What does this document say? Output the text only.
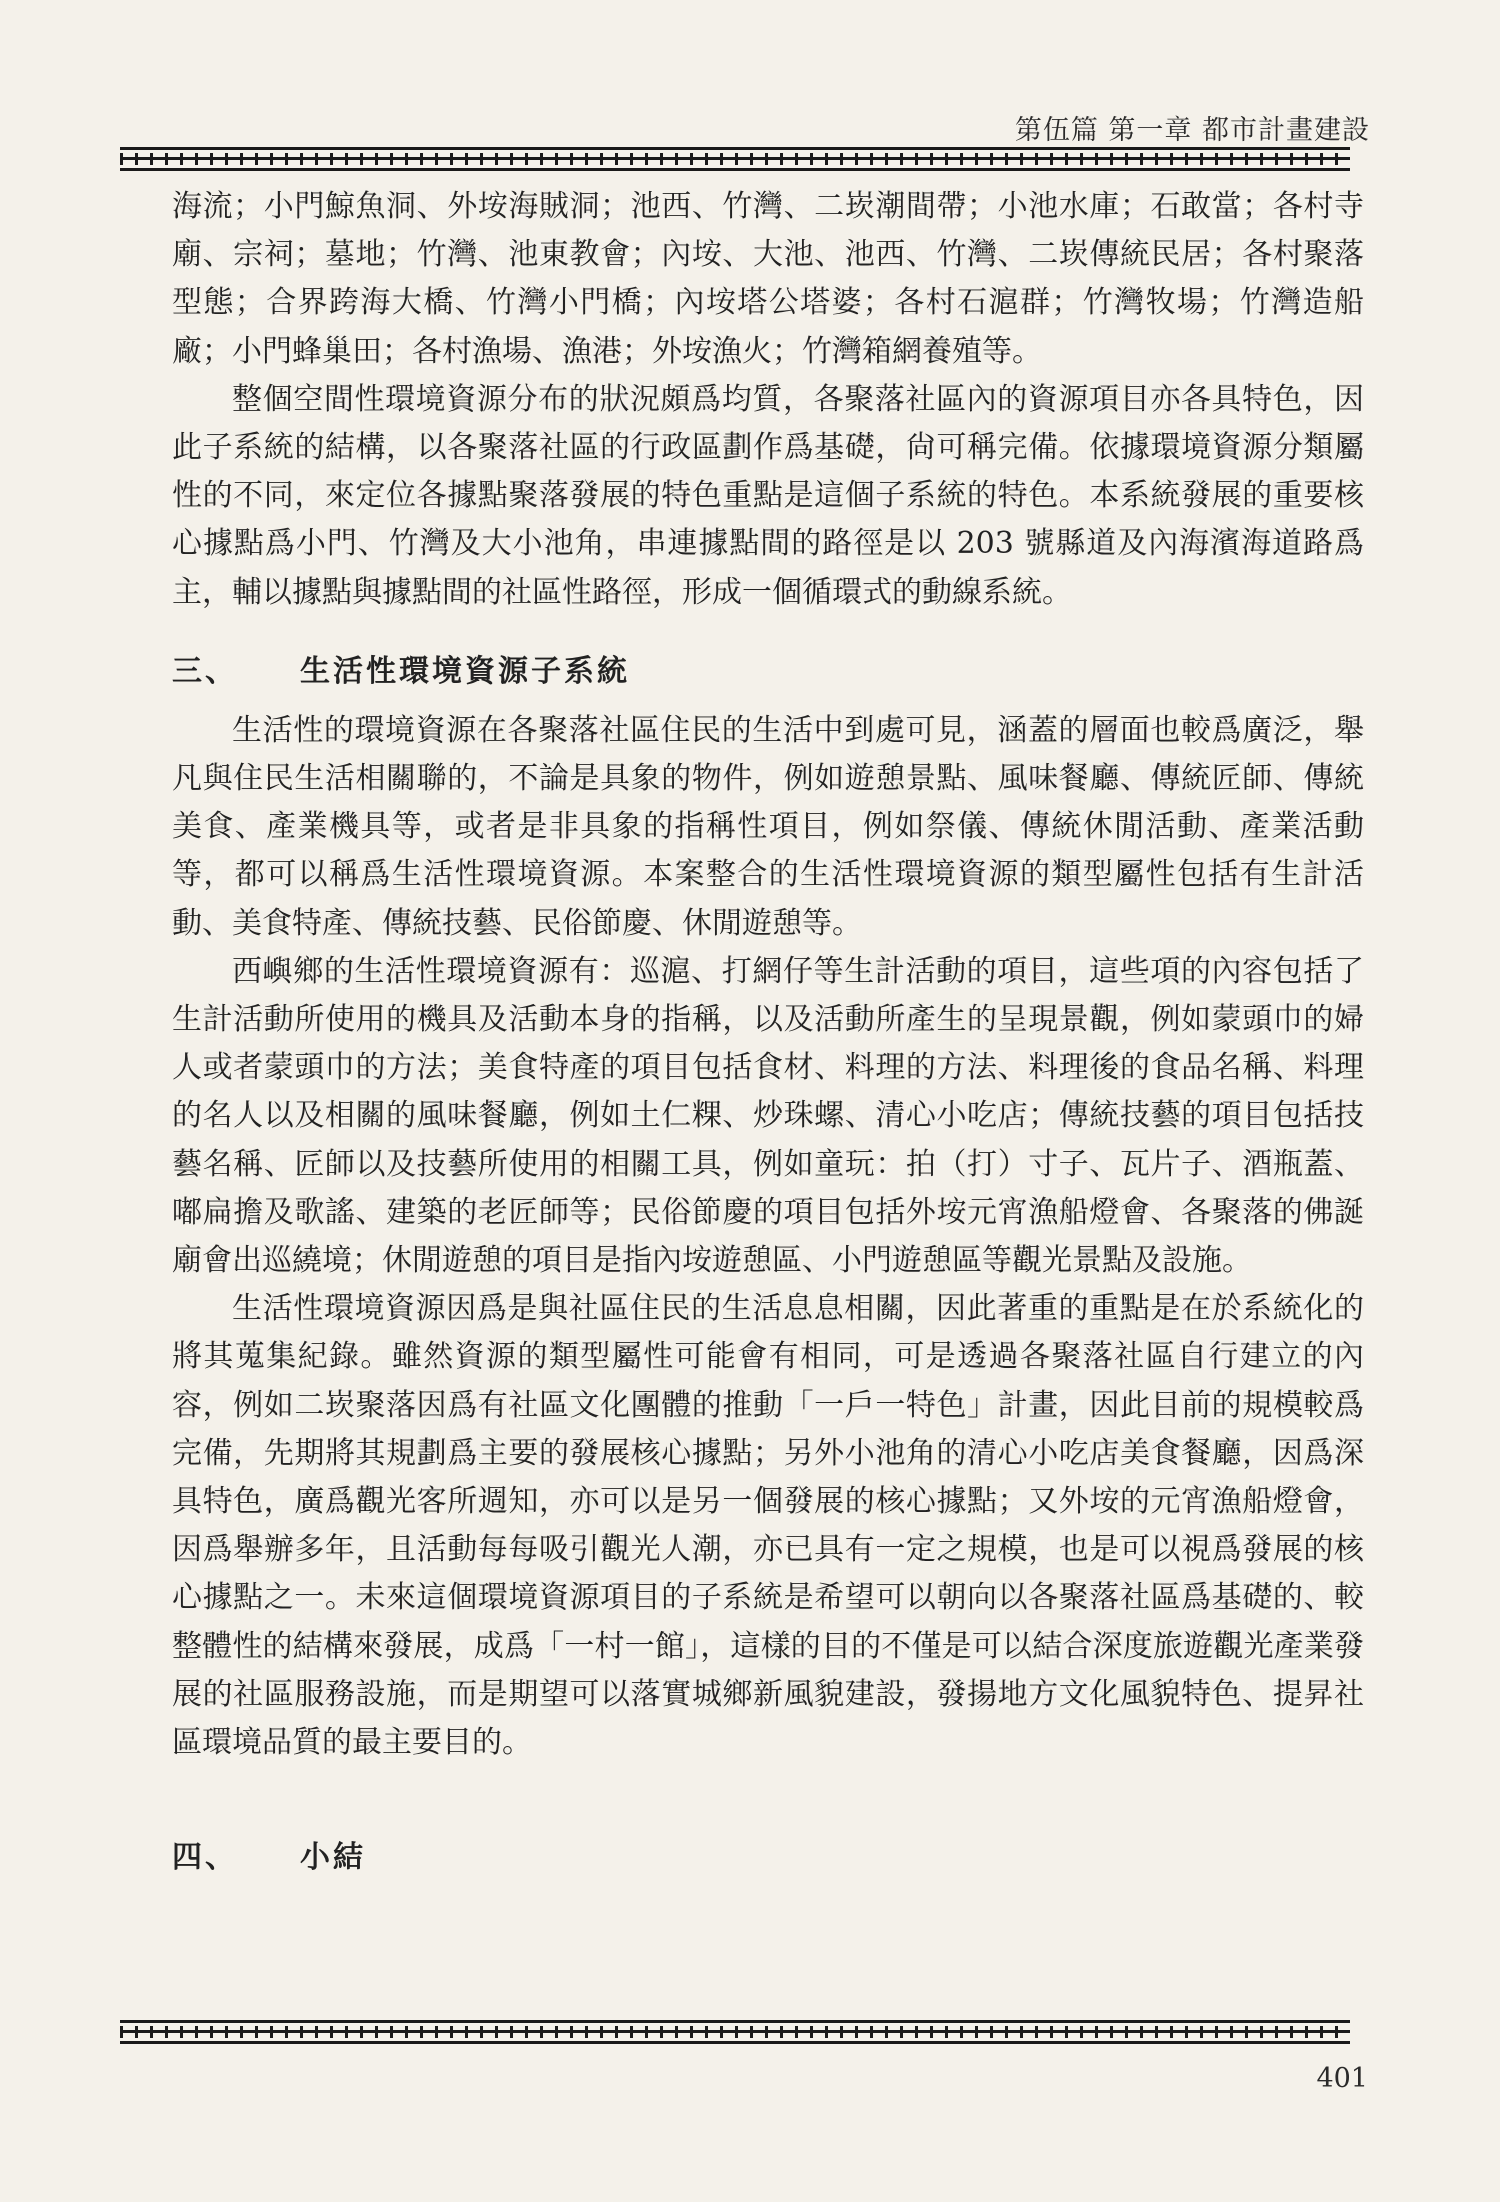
第伍篇 第一章 都市計畫建設

海流；小門鯨魚洞、外垵海賊洞；池西、竹灣、二崁潮間帶；小池水庫；石敢當；各村寺廟、宗祠；墓地；竹灣、池東教會；內垵、大池、池西、竹灣、二崁傳統民居；各村聚落型態；合界跨海大橋、竹灣小門橋；內垵塔公塔婆；各村石滬群；竹灣牧場；竹灣造船廠；小門蜂巢田；各村漁場、漁港；外垵漁火；竹灣箱網養殖等。

整個空間性環境資源分布的狀況頗爲均質，各聚落社區內的資源項目亦各具特色，因此子系統的結構，以各聚落社區的行政區劃作爲基礎，尙可稱完備。依據環境資源分類屬性的不同，來定位各據點聚落發展的特色重點是這個子系統的特色。本系統發展的重要核心據點爲小門、竹灣及大小池角，串連據點間的路徑是以 203 號縣道及內海濱海道路爲主，輔以據點與據點間的社區性路徑，形成一個循環式的動線系統。

三、	生活性環境資源子系統

生活性的環境資源在各聚落社區住民的生活中到處可見，涵蓋的層面也較爲廣泛，舉凡與住民生活相關聯的，不論是具象的物件，例如遊憩景點、風味餐廳、傳統匠師、傳統美食、產業機具等，或者是非具象的指稱性項目，例如祭儀、傳統休閒活動、產業活動等，都可以稱爲生活性環境資源。本案整合的生活性環境資源的類型屬性包括有生計活動、美食特產、傳統技藝、民俗節慶、休閒遊憩等。

西嶼鄉的生活性環境資源有：巡滬、打網仔等生計活動的項目，這些項的內容包括了生計活動所使用的機具及活動本身的指稱，以及活動所產生的呈現景觀，例如蒙頭巾的婦人或者蒙頭巾的方法；美食特產的項目包括食材、料理的方法、料理後的食品名稱、料理的名人以及相關的風味餐廳，例如土仁粿、炒珠螺、清心小吃店；傳統技藝的項目包括技藝名稱、匠師以及技藝所使用的相關工具，例如童玩：拍（打）寸子、瓦片子、酒瓶蓋、嘟扁擔及歌謠、建築的老匠師等；民俗節慶的項目包括外垵元宵漁船燈會、各聚落的佛誕廟會出巡繞境；休閒遊憩的項目是指內垵遊憩區、小門遊憩區等觀光景點及設施。

生活性環境資源因爲是與社區住民的生活息息相關，因此著重的重點是在於系統化的將其蒐集紀錄。雖然資源的類型屬性可能會有相同，可是透過各聚落社區自行建立的內容，例如二崁聚落因爲有社區文化團體的推動「一戶一特色」計畫，因此目前的規模較爲完備，先期將其規劃爲主要的發展核心據點；另外小池角的清心小吃店美食餐廳，因爲深具特色，廣爲觀光客所週知，亦可以是另一個發展的核心據點；又外垵的元宵漁船燈會，因爲舉辦多年，且活動每每吸引觀光人潮，亦已具有一定之規模，也是可以視爲發展的核心據點之一。未來這個環境資源項目的子系統是希望可以朝向以各聚落社區爲基礎的、較整體性的結構來發展，成爲「一村一館」，這樣的目的不僅是可以結合深度旅遊觀光產業發展的社區服務設施，而是期望可以落實城鄉新風貌建設，發揚地方文化風貌特色、提昇社區環境品質的最主要目的。

四、	小結
401
